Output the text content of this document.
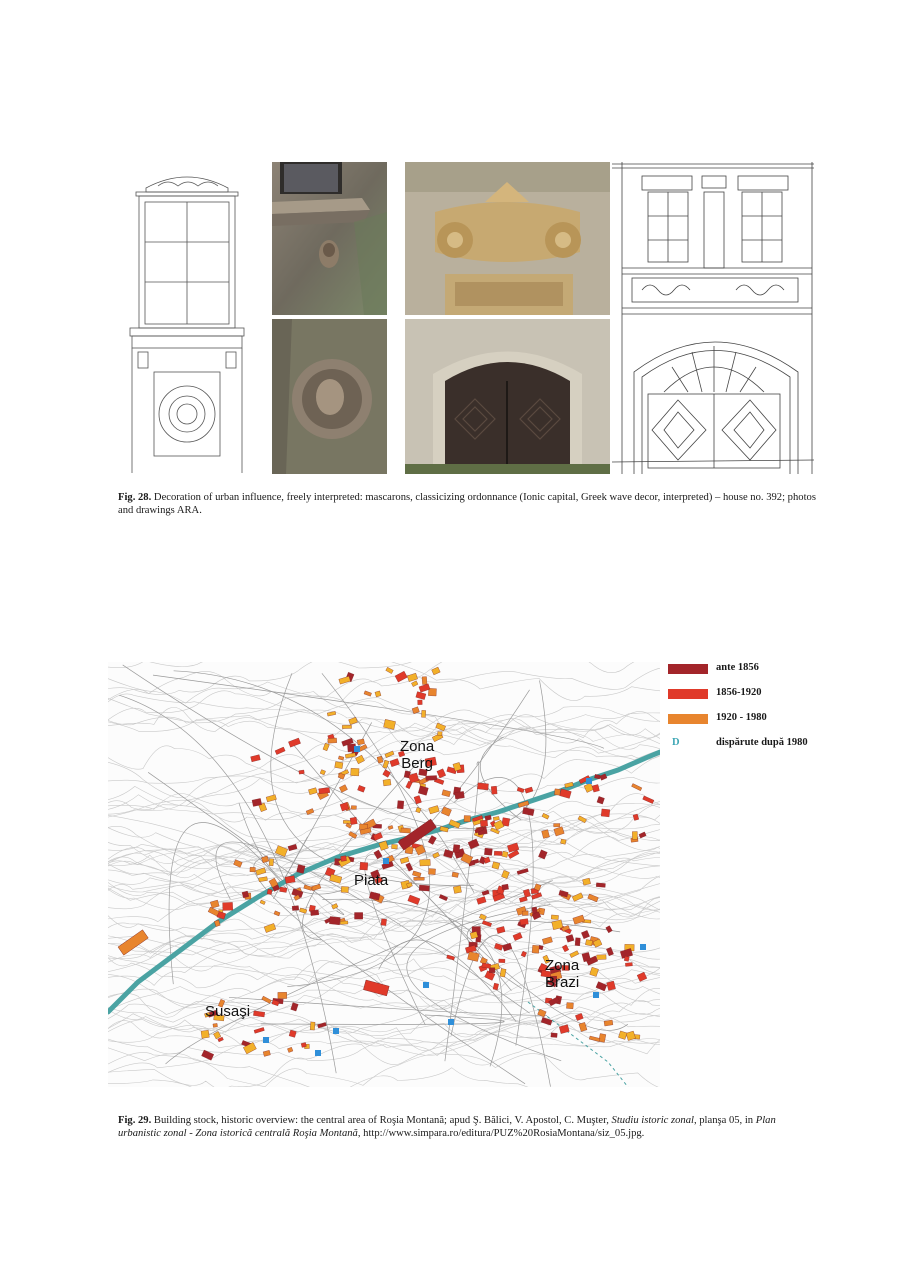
Fig. 28. Decoration of urban influence, freely interpreted: mascarons, classicizing ordonnance (Ionic capital, Greek wave decor, interpreted) – house no. 392; photos and drawings ARA.
Zona
Berg
Piata
Zona
Brazi
Susaşi
ante 1856
1856-1920
1920 - 1980
D	dispărute după 1980
Fig. 29. Building stock, historic overview: the central area of Roşia Montană; apud Ş. Bălici, V. Apostol, C. Muşter, Studiu istoric zonal, planşa 05, in Plan urbanistic zonal - Zona istorică centrală Roşia Montană, http://www.simpara.ro/editura/PUZ%20RosiaMontana/siz_05.jpg.
